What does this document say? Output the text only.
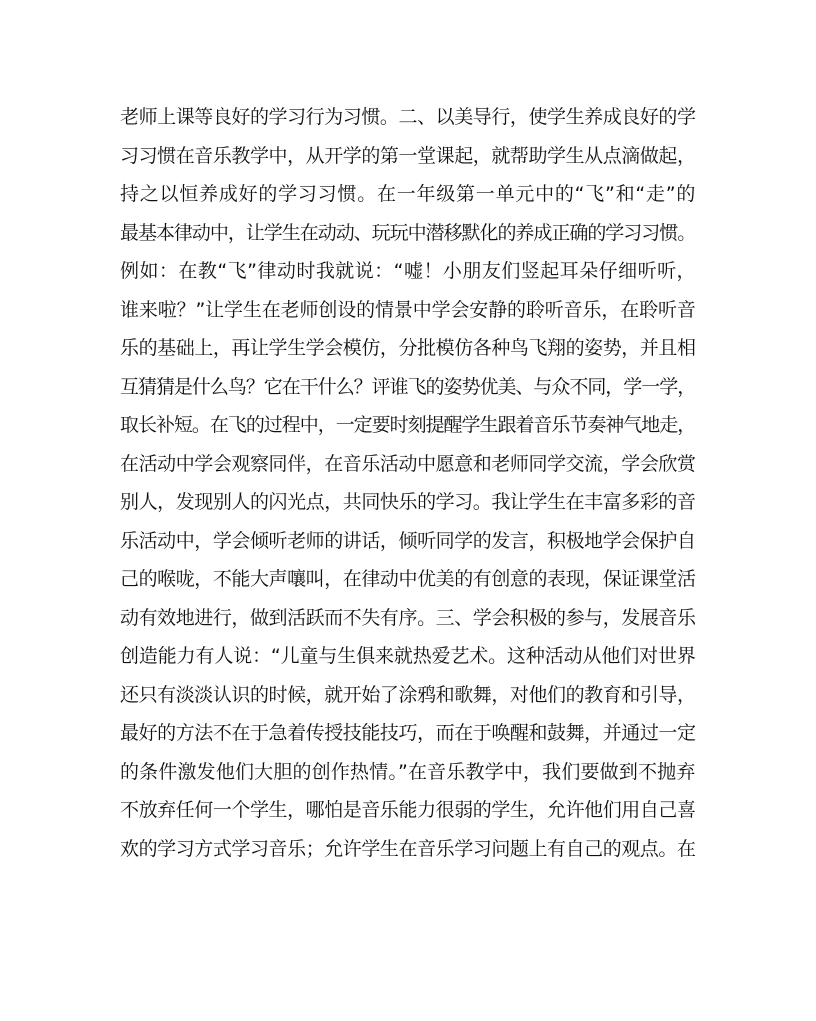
老师上课等良好的学习行为习惯。二、以美导行，使学生养成良好的学
习习惯在音乐教学中，从开学的第一堂课起，就帮助学生从点滴做起，
持之以恒养成好的学习习惯。在一年级第一单元中的“飞”和“走”的
最基本律动中，让学生在动动、玩玩中潜移默化的养成正确的学习习惯。
例如：在教“飞”律动时我就说：“嘘！小朋友们竖起耳朵仔细听听，
谁来啦？”让学生在老师创设的情景中学会安静的聆听音乐，在聆听音
乐的基础上，再让学生学会模仿，分批模仿各种鸟飞翔的姿势，并且相
互猜猜是什么鸟？它在干什么？评谁飞的姿势优美、与众不同，学一学，
取长补短。在飞的过程中，一定要时刻提醒学生跟着音乐节奏神气地走，
在活动中学会观察同伴，在音乐活动中愿意和老师同学交流，学会欣赏
别人，发现别人的闪光点，共同快乐的学习。我让学生在丰富多彩的音
乐活动中，学会倾听老师的讲话，倾听同学的发言，积极地学会保护自
己的喉咙，不能大声嚷叫，在律动中优美的有创意的表现，保证课堂活
动有效地进行，做到活跃而不失有序。三、学会积极的参与，发展音乐
创造能力有人说：“儿童与生俱来就热爱艺术。这种活动从他们对世界
还只有淡淡认识的时候，就开始了涂鸦和歌舞，对他们的教育和引导，
最好的方法不在于急着传授技能技巧，而在于唤醒和鼓舞，并通过一定
的条件激发他们大胆的创作热情。”在音乐教学中，我们要做到不抛弃
不放弃任何一个学生，哪怕是音乐能力很弱的学生，允许他们用自己喜
欢的学习方式学习音乐；允许学生在音乐学习问题上有自己的观点。在
